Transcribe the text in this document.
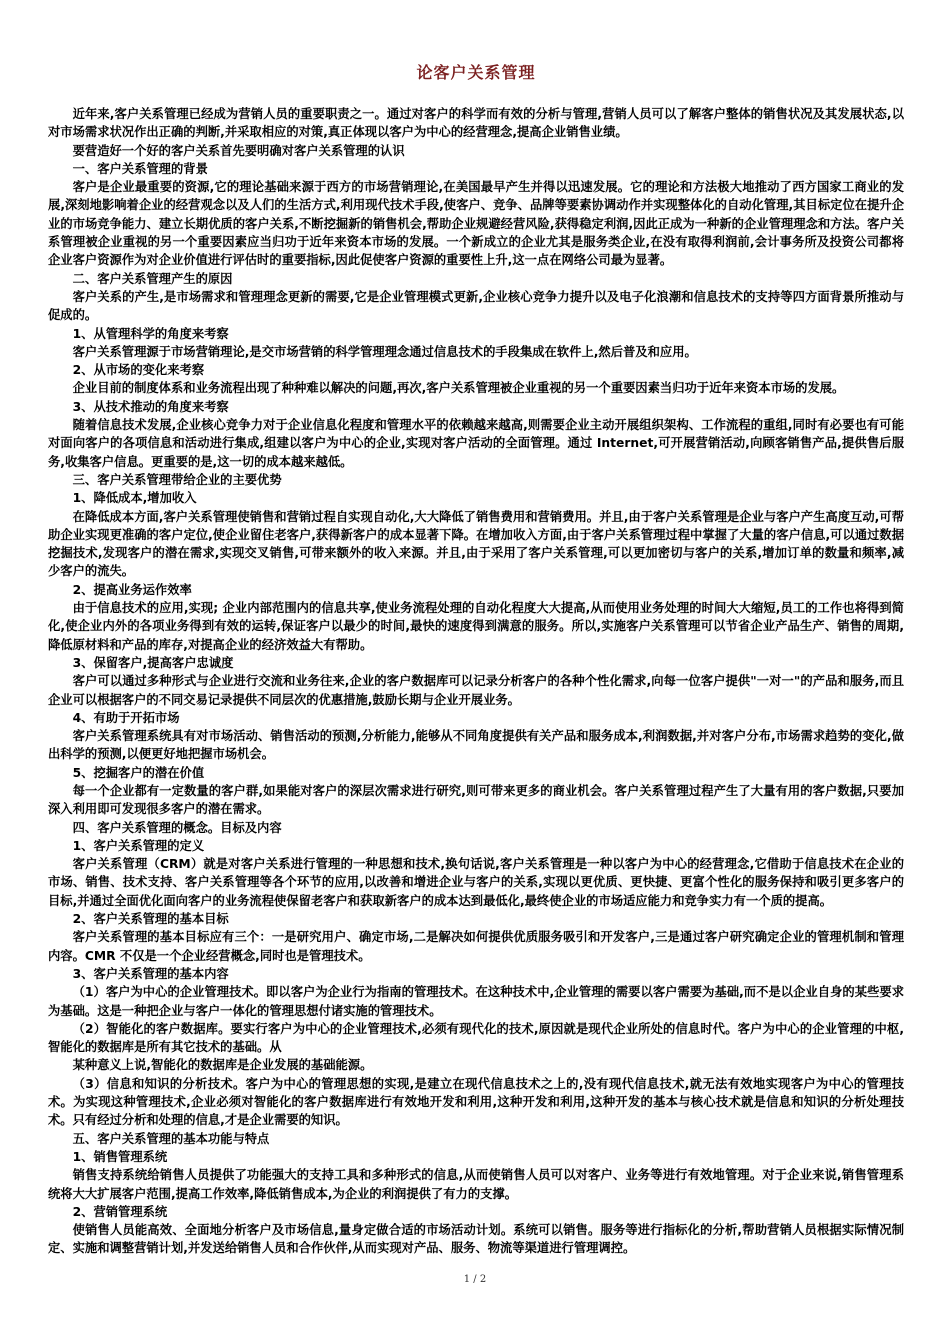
论客户关系管理

近年来,客户关系管理已经成为营销人员的重要职责之一。通过对客户的科学而有效的分析与管理,营销人员可以了解客户整体的销售状况及其发展状态,以对市场需求状况作出正确的判断,并采取相应的对策,真正体现以客户为中心的经营理念,提高企业销售业绩。

要营造好一个好的客户关系首先要明确对客户关系管理的认识

一、客户关系管理的背景

客户是企业最重要的资源,它的理论基础来源于西方的市场营销理论,在美国最早产生并得以迅速发展。它的理论和方法极大地推动了西方国家工商业的发展,深刻地影响着企业的经营观念以及人们的生活方式,利用现代技术手段,使客户、竞争、品牌等要素协调动作并实现整体化的自动化管理,其目标定位在提升企业的市场竞争能力、建立长期优质的客户关系,不断挖掘新的销售机会,帮助企业规避经营风险,获得稳定利润,因此正成为一种新的企业管理理念和方法。客户关系管理被企业重视的另一个重要因素应当归功于近年来资本市场的发展。一个新成立的企业尤其是服务类企业,在没有取得利润前,会计事务所及投资公司都将企业客户资源作为对企业价值进行评估时的重要指标,因此促使客户资源的重要性上升,这一点在网络公司最为显著。

二、客户关系管理产生的原因

客户关系的产生,是市场需求和管理理念更新的需要,它是企业管理模式更新,企业核心竞争力提升以及电子化浪潮和信息技术的支持等四方面背景所推动与促成的。

1、从管理科学的角度来考察

客户关系管理源于市场营销理论,是交市场营销的科学管理理念通过信息技术的手段集成在软件上,然后普及和应用。

2、从市场的变化来考察

企业目前的制度体系和业务流程出现了种种难以解决的问题,再次,客户关系管理被企业重视的另一个重要因素当归功于近年来资本市场的发展。

3、从技术推动的角度来考察

随着信息技术发展,企业核心竞争力对于企业信息化程度和管理水平的依赖越来越高,则需要企业主动开展组织架构、工作流程的重组,同时有必要也有可能对面向客户的各项信息和活动进行集成,组建以客户为中心的企业,实现对客户活动的全面管理。通过 Internet,可开展营销活动,向顾客销售产品,提供售后服务,收集客户信息。更重要的是,这一切的成本越来越低。

三、客户关系管理带给企业的主要优势

1、降低成本,增加收入

在降低成本方面,客户关系管理使销售和营销过程自实现自动化,大大降低了销售费用和营销费用。并且,由于客户关系管理是企业与客户产生高度互动,可帮助企业实现更准确的客户定位,使企业留住老客户,获得新客户的成本显著下降。在增加收入方面,由于客户关系管理过程中掌握了大量的客户信息,可以通过数据挖掘技术,发现客户的潜在需求,实现交叉销售,可带来额外的收入来源。并且,由于采用了客户关系管理,可以更加密切与客户的关系,增加订单的数量和频率,减少客户的流失。

2、提高业务运作效率

由于信息技术的应用,实现; 企业内部范围内的信息共享,使业务流程处理的自动化程度大大提高,从而使用业务处理的时间大大缩短,员工的工作也将得到简化,使企业内外的各项业务得到有效的运转,保证客户以最少的时间,最快的速度得到满意的服务。所以,实施客户关系管理可以节省企业产品生产、销售的周期,降低原材料和产品的库存,对提高企业的经济效益大有帮助。

3、保留客户,提高客户忠诚度

客户可以通过多种形式与企业进行交流和业务往来,企业的客户数据库可以记录分析客户的各种个性化需求,向每一位客户提供"一对一"的产品和服务,而且企业可以根据客户的不同交易记录提供不同层次的优惠措施,鼓励长期与企业开展业务。

4、有助于开拓市场

客户关系管理系统具有对市场活动、销售活动的预测,分析能力,能够从不同角度提供有关产品和服务成本,利润数据,并对客户分布,市场需求趋势的变化,做出科学的预测,以便更好地把握市场机会。

5、挖掘客户的潜在价值

每一个企业都有一定数量的客户群,如果能对客户的深层次需求进行研究,则可带来更多的商业机会。客户关系管理过程产生了大量有用的客户数据,只要加深入利用即可发现很多客户的潜在需求。

四、客户关系管理的概念。目标及内容

1、客户关系管理的定义

客户关系管理（CRM）就是对客户关系进行管理的一种思想和技术,换句话说,客户关系管理是一种以客户为中心的经营理念,它借助于信息技术在企业的市场、销售、技术支持、客户关系管理等各个环节的应用,以改善和增进企业与客户的关系,实现以更优质、更快捷、更富个性化的服务保持和吸引更多客户的目标,并通过全面优化面向客户的业务流程使保留老客户和获取新客户的成本达到最低化,最终使企业的市场适应能力和竞争实力有一个质的提高。

2、客户关系管理的基本目标

客户关系管理的基本目标应有三个：一是研究用户、确定市场,二是解决如何提供优质服务吸引和开发客户,三是通过客户研究确定企业的管理机制和管理内容。CMR 不仅是一个企业经营概念,同时也是管理技术。

3、客户关系管理的基本内容

（1）客户为中心的企业管理技术。即以客户为企业行为指南的管理技术。在这种技术中,企业管理的需要以客户需要为基础,而不是以企业自身的某些要求为基础。这是一种把企业与客户一体化的管理思想付诸实施的管理技术。

（2）智能化的客户数据库。要实行客户为中心的企业管理技术,必须有现代化的技术,原因就是现代企业所处的信息时代。客户为中心的企业管理的中枢,智能化的数据库是所有其它技术的基础。从

某种意义上说,智能化的数据库是企业发展的基础能源。

（3）信息和知识的分析技术。客户为中心的管理思想的实现,是建立在现代信息技术之上的,没有现代信息技术,就无法有效地实现客户为中心的管理技术。为实现这种管理技术,企业必须对智能化的客户数据库进行有效地开发和利用,这种开发和利用,这种开发的基本与核心技术就是信息和知识的分析处理技术。只有经过分析和处理的信息,才是企业需要的知识。

五、客户关系管理的基本功能与特点

1、销售管理系统

销售支持系统给销售人员提供了功能强大的支持工具和多种形式的信息,从而使销售人员可以对客户、业务等进行有效地管理。对于企业来说,销售管理系统将大大扩展客户范围,提高工作效率,降低销售成本,为企业的利润提供了有力的支撑。

2、营销管理系统

使销售人员能高效、全面地分析客户及市场信息,量身定做合适的市场活动计划。系统可以销售。服务等进行指标化的分析,帮助营销人员根据实际情况制定、实施和调整营销计划,并发送给销售人员和合作伙伴,从而实现对产品、服务、物流等渠道进行管理调控。

1 / 2
